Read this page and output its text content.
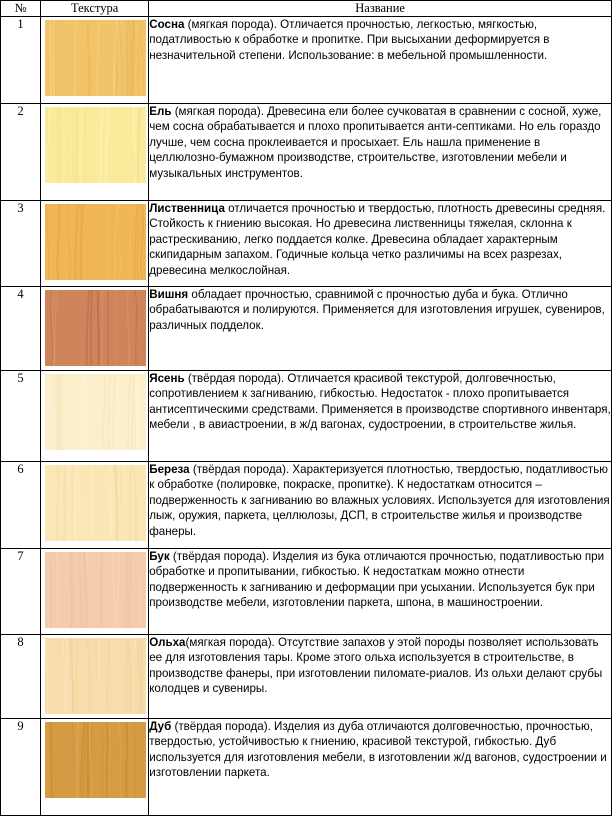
№	Текстура	Название
1		Сосна (мягкая порода). Отличается прочностью, легкостью, мягкостью, податливостью к обработке и пропитке. При высыхании деформируется в незначительной степени. Использование: в мебельной промышленности.
2		Ель (мягкая порода). Древесина ели более сучковатая в сравнении с сосной, хуже, чем сосна обрабатывается и плохо пропитывается анти-септиками. Но ель гораздо лучше, чем сосна проклеивается и просыхает. Ель нашла применение в целлюлозно-бумажном производстве, строительстве, изготовлении мебели и музыкальных инструментов.
3		Лиственница отличается прочностью и твердостью, плотность древесины средняя. Стойкость к гниению высокая. Но древесина лиственницы тяжелая, склонна к растрескиванию, легко поддается колке. Древесина обладает характерным скипидарным запахом. Годичные кольца четко различимы на всех разрезах, древесина мелкослойная.
4		Вишня обладает прочностью, сравнимой с прочностью дуба и бука. Отлично обрабатываются и полируются. Применяется для изготовления игрушек, сувениров, различных подделок.
5		Ясень (твёрдая порода). Отличается красивой текстурой, долговечностью, сопротивлением к загниванию, гибкостью. Недостаток - плохо пропитывается антисептическими средствами. Применяется в производстве спортивного инвентаря, мебели , в авиастроении, в ж/д вагонах, судостроении, в строительстве жилья.
6		Береза (твёрдая порода). Характеризуется плотностью, твердостью, податливостью к обработке (полировке, покраске, пропитке). К недостаткам относится – подверженность к загниванию во влажных условиях. Используется для изготовления лыж, оружия, паркета, целлюлозы, ДСП, в строительстве жилья и производстве фанеры.
7		Бук (твёрдая порода). Изделия из бука отличаются прочностью, податливостью при обработке и пропитывании, гибкостью. К недостаткам можно отнести подверженность к загниванию и деформации при усыхании. Используется бук при производстве мебели, изготовлении паркета, шпона, в машиностроении.
8		Ольха(мягкая порода). Отсутствие запахов у этой породы позволяет использовать ее для изготовления тары. Кроме этого ольха используется в строительстве, в производстве фанеры, при изготовлении пиломате-риалов. Из ольхи делают срубы колодцев и сувениры.
9		Дуб (твёрдая порода). Изделия из дуба отличаются долговечностью, прочностью, твердостью, устойчивостью к гниению, красивой текстурой, гибкостью. Дуб используется для изготовления мебели, в изготовлении ж/д вагонов, судостроении и изготовлении паркета.
